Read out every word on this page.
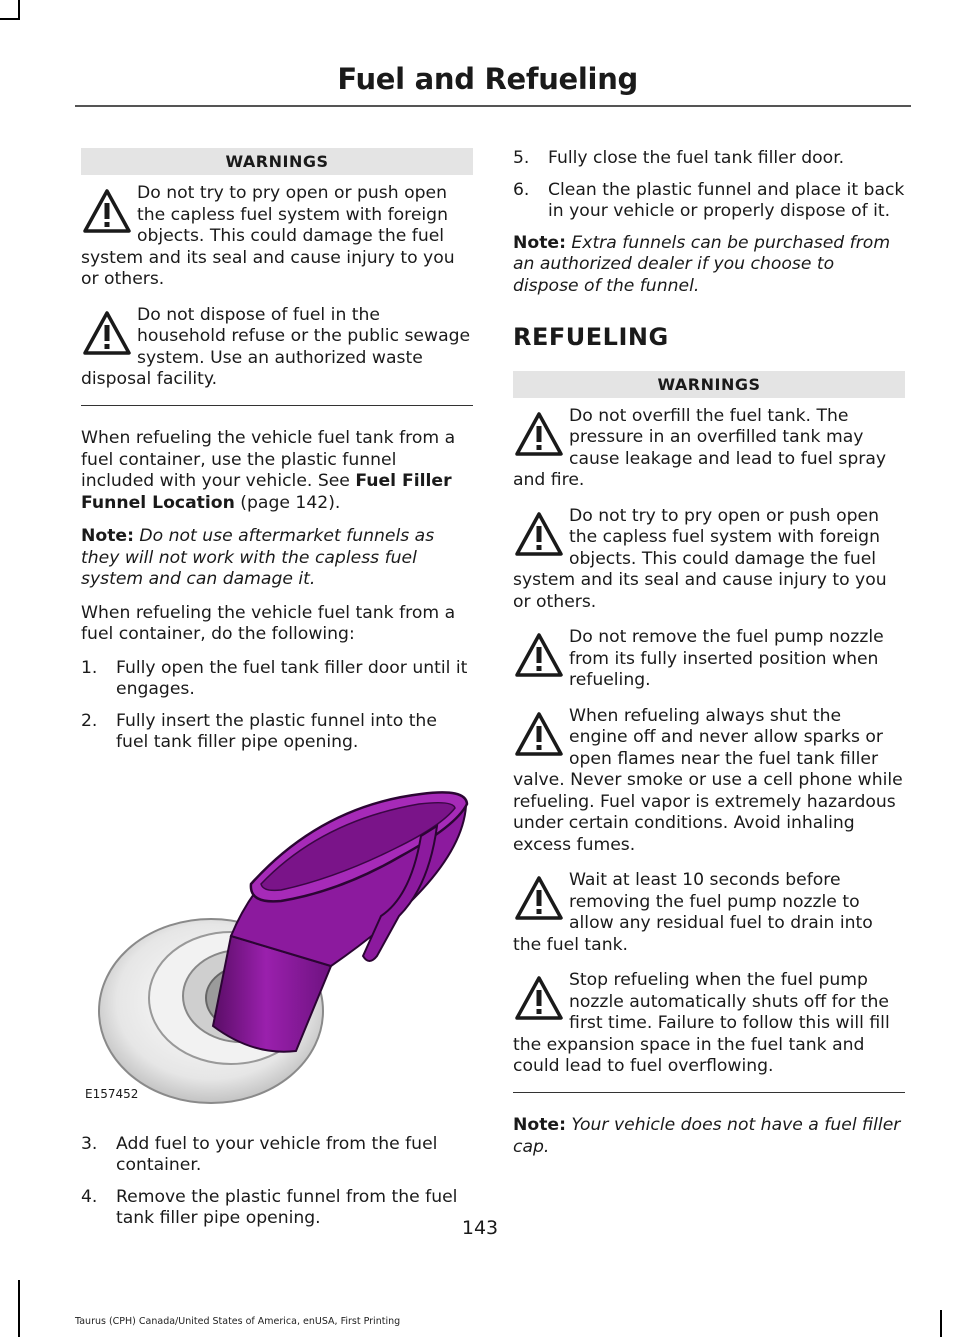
Fuel and Refueling
WARNINGS
Do not try to pry open or push open the capless fuel system with foreign objects. This could damage the fuel system and its seal and cause injury to you or others.
Do not dispose of fuel in the household refuse or the public sewage system. Use an authorized waste disposal facility.

When refueling the vehicle fuel tank from a fuel container, use the plastic funnel included with your vehicle. See Fuel Filler Funnel Location (page 142).

Note: Do not use aftermarket funnels as they will not work with the capless fuel system and can damage it.

When refueling the vehicle fuel tank from a fuel container, do the following:

1. Fully open the fuel tank filler door until it engages.
2. Fully insert the plastic funnel into the fuel tank filler pipe opening.
E157452
3. Add fuel to your vehicle from the fuel container.
4. Remove the plastic funnel from the fuel tank filler pipe opening.
5. Fully close the fuel tank filler door.
6. Clean the plastic funnel and place it back in your vehicle or properly dispose of it.

Note: Extra funnels can be purchased from an authorized dealer if you choose to dispose of the funnel.

REFUELING
WARNINGS
Do not overfill the fuel tank. The pressure in an overfilled tank may cause leakage and lead to fuel spray and fire.
Do not try to pry open or push open the capless fuel system with foreign objects. This could damage the fuel system and its seal and cause injury to you or others.
Do not remove the fuel pump nozzle from its fully inserted position when refueling.
When refueling always shut the engine off and never allow sparks or open flames near the fuel tank filler valve. Never smoke or use a cell phone while refueling. Fuel vapor is extremely hazardous under certain conditions. Avoid inhaling excess fumes.
Wait at least 10 seconds before removing the fuel pump nozzle to allow any residual fuel to drain into the fuel tank.
Stop refueling when the fuel pump nozzle automatically shuts off for the first time. Failure to follow this will fill the expansion space in the fuel tank and could lead to fuel overflowing.

Note: Your vehicle does not have a fuel filler cap.

143
Taurus (CPH) Canada/United States of America, enUSA, First Printing
